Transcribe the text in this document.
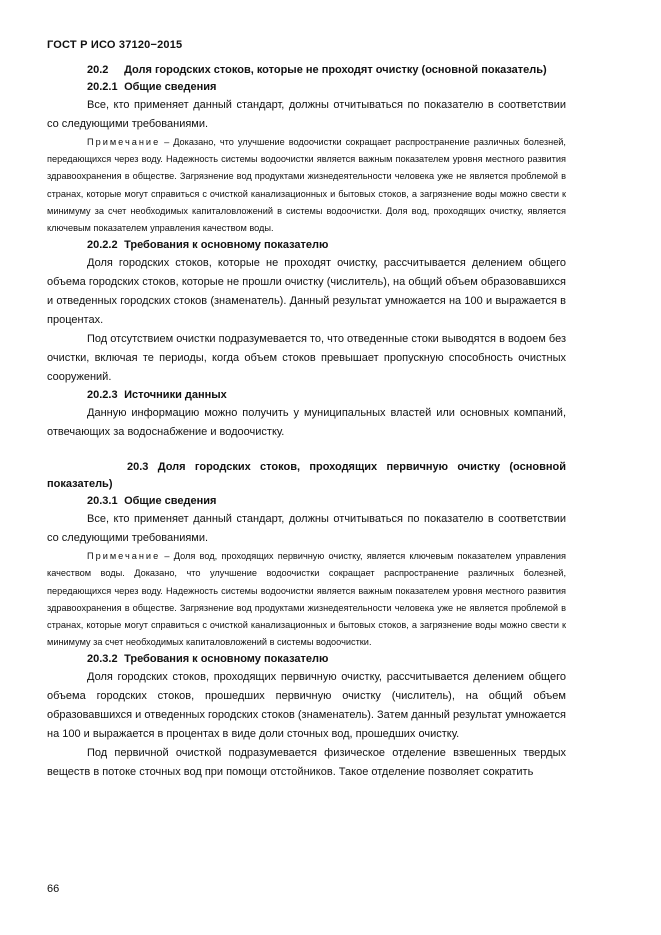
ГОСТ Р ИСО 37120−2015

20.2 Доля городских стоков, которые не проходят очистку (основной показатель)

20.2.1 Общие сведения

Все, кто применяет данный стандарт, должны отчитываться по показателю в соответствии со следующими требованиями.

Примечание – Доказано, что улучшение водоочистки сокращает распространение различных болезней, передающихся через воду. Надежность системы водоочистки является важным показателем уровня местного развития здравоохранения в обществе. Загрязнение вод продуктами жизнедеятельности человека уже не является проблемой в странах, которые могут справиться с очисткой канализационных и бытовых стоков, а загрязнение воды можно свести к минимуму за счет необходимых капиталовложений в системы водоочистки. Доля вод, проходящих очистку, является ключевым показателем управления качеством воды.

20.2.2 Требования к основному показателю

Доля городских стоков, которые не проходят очистку, рассчитывается делением общего объема городских стоков, которые не прошли очистку (числитель), на общий объем образовавшихся и отведенных городских стоков (знаменатель). Данный результат умножается на 100 и выражается в процентах.

Под отсутствием очистки подразумевается то, что отведенные стоки выводятся в водоем без очистки, включая те периоды, когда объем стоков превышает пропускную способность очистных сооружений.

20.2.3 Источники данных

Данную информацию можно получить у муниципальных властей или основных компаний, отвечающих за водоснабжение и водоочистку.

20.3 Доля городских стоков, проходящих первичную очистку (основной показатель)

20.3.1 Общие сведения

Все, кто применяет данный стандарт, должны отчитываться по показателю в соответствии со следующими требованиями.

Примечание – Доля вод, проходящих первичную очистку, является ключевым показателем управления качеством воды. Доказано, что улучшение водоочистки сокращает распространение различных болезней, передающихся через воду. Надежность системы водоочистки является важным показателем уровня местного развития здравоохранения в обществе. Загрязнение вод продуктами жизнедеятельности человека уже не является проблемой в странах, которые могут справиться с очисткой канализационных и бытовых стоков, а загрязнение воды можно свести к минимуму за счет необходимых капиталовложений в системы водоочистки.

20.3.2 Требования к основному показателю

Доля городских стоков, проходящих первичную очистку, рассчитывается делением общего объема городских стоков, прошедших первичную очистку (числитель), на общий объем образовавшихся и отведенных городских стоков (знаменатель). Затем данный результат умножается на 100 и выражается в процентах в виде доли сточных вод, прошедших очистку.

Под первичной очисткой подразумевается физическое отделение взвешенных твердых веществ в потоке сточных вод при помощи отстойников. Такое отделение позволяет сократить

66
